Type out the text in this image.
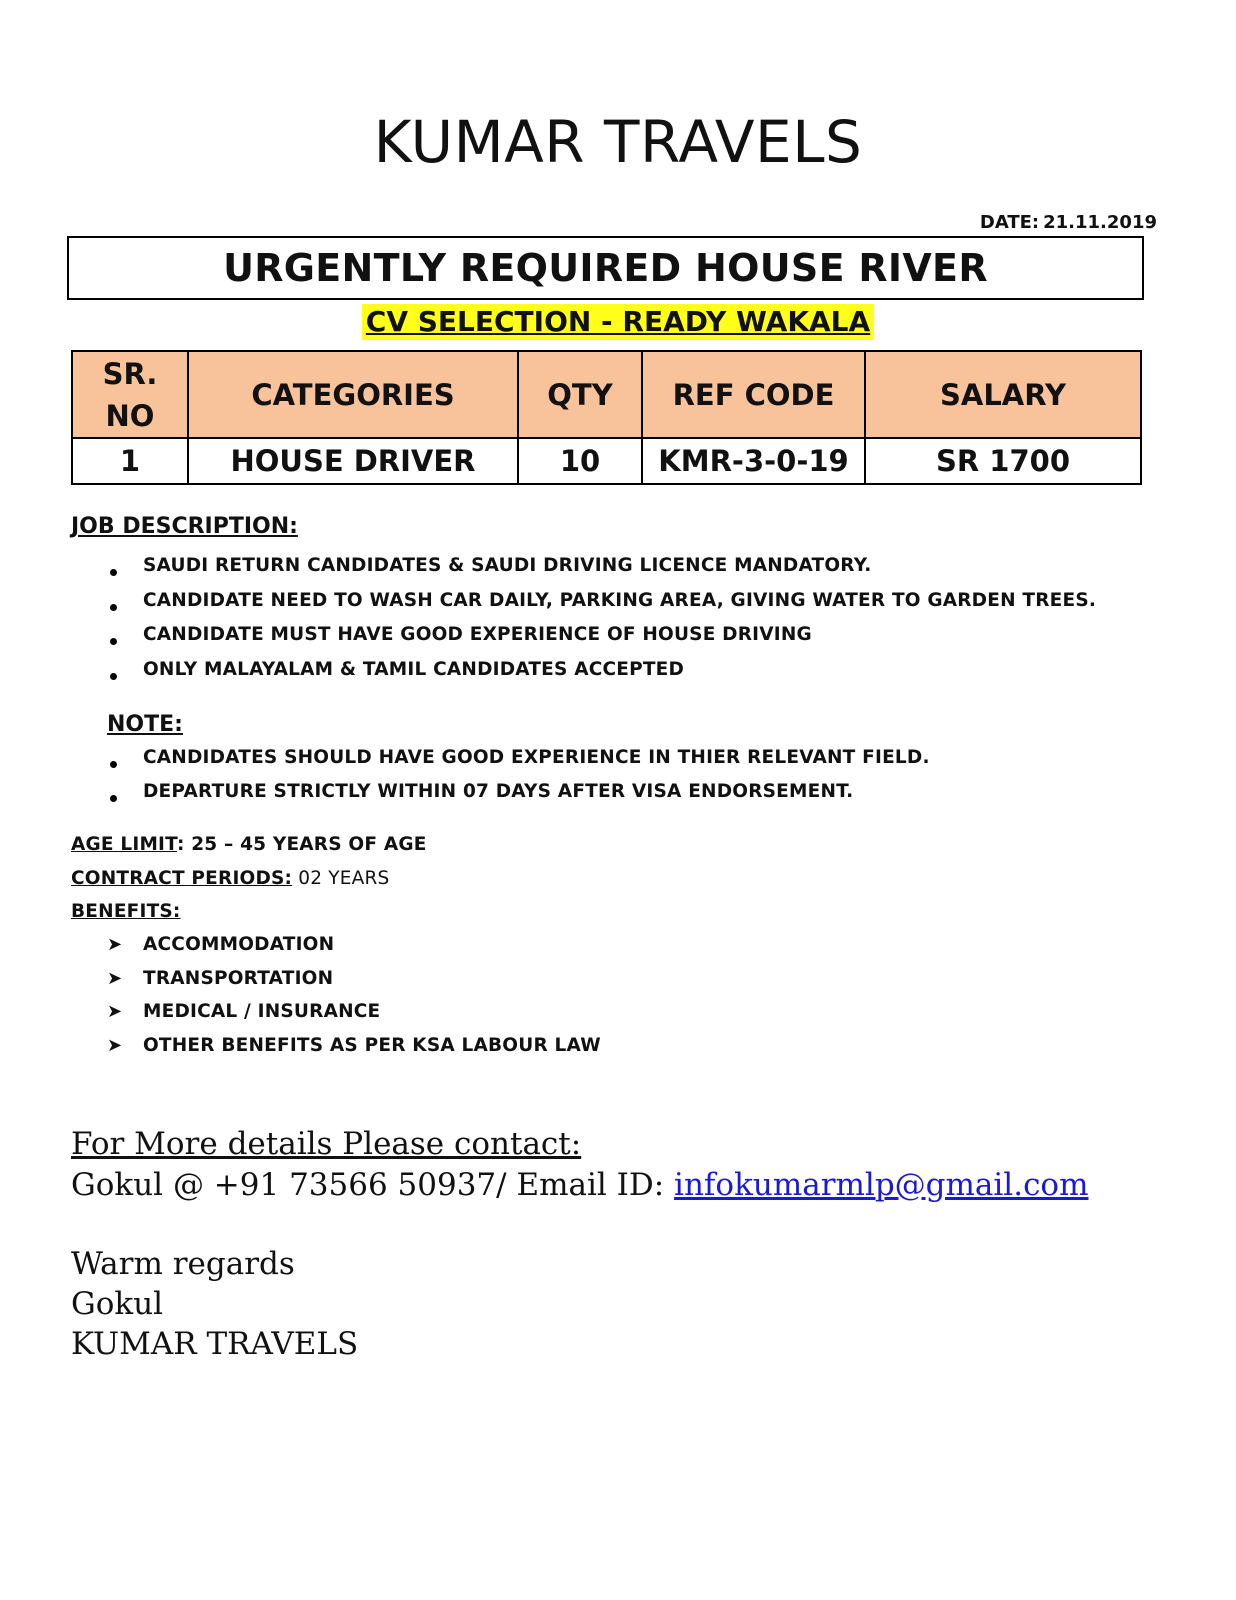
KUMAR TRAVELS
DATE: 21.11.2019
URGENTLY REQUIRED HOUSE RIVER
CV SELECTION - READY WAKALA
SR.
NO	CATEGORIES	QTY	REF CODE	SALARY
1	HOUSE DRIVER	10	KMR-3-0-19	SR 1700
JOB DESCRIPTION:
SAUDI RETURN CANDIDATES & SAUDI DRIVING LICENCE MANDATORY.
CANDIDATE NEED TO WASH CAR DAILY, PARKING AREA, GIVING WATER TO GARDEN TREES.
CANDIDATE MUST HAVE GOOD EXPERIENCE OF HOUSE DRIVING
ONLY MALAYALAM & TAMIL CANDIDATES ACCEPTED
NOTE:
CANDIDATES SHOULD HAVE GOOD EXPERIENCE IN THIER RELEVANT FIELD.
DEPARTURE STRICTLY WITHIN 07 DAYS AFTER VISA ENDORSEMENT.
AGE LIMIT: 25 – 45 YEARS OF AGE
CONTRACT PERIODS: 02 YEARS
BENEFITS:
➤ ACCOMMODATION
➤ TRANSPORTATION
➤ MEDICAL / INSURANCE
➤ OTHER BENEFITS AS PER KSA LABOUR LAW
For More details Please contact:
Gokul @ +91 73566 50937/ Email ID: infokumarmlp@gmail.com
Warm regards
Gokul
KUMAR TRAVELS
